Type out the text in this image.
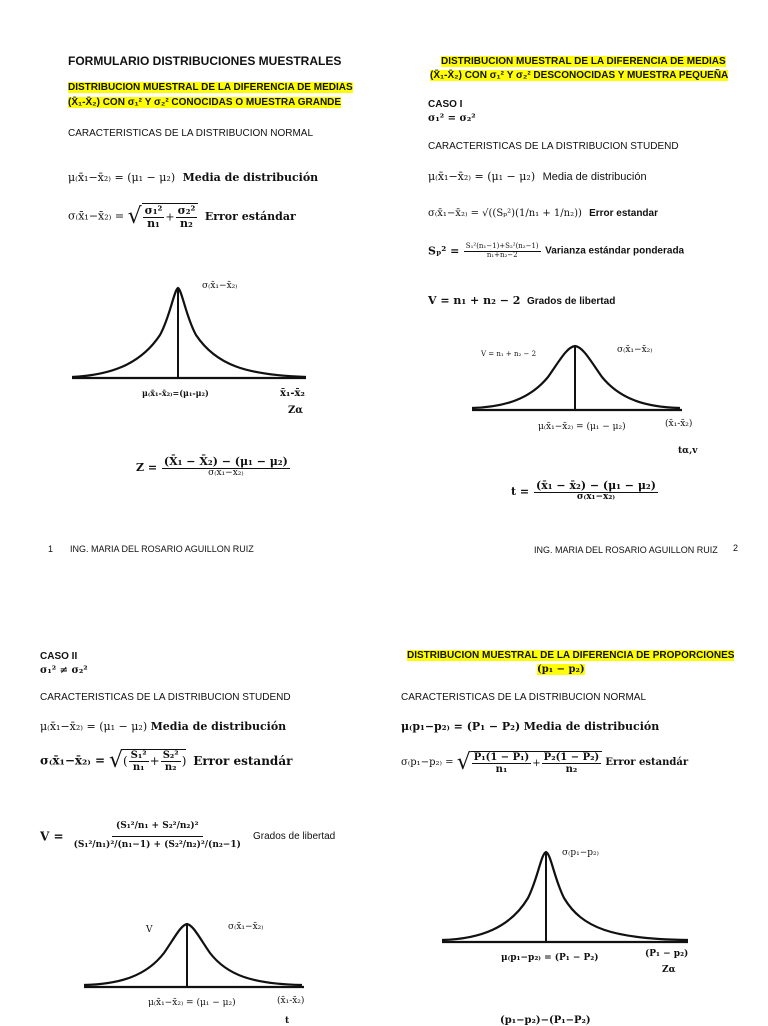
FORMULARIO DISTRIBUCIONES MUESTRALES
DISTRIBUCION MUESTRAL DE LA DIFERENCIA DE MEDIAS
(X̄₁-X̄₂) CON σ₁² Y σ₂² CONOCIDAS O MUESTRA GRANDE
CARACTERISTICAS DE LA DISTRIBUCION NORMAL
μ₍x̄₁−x̄₂₎ = (μ₁ − μ₂) Media de distribución
σ₍x̄₁−x̄₂₎ = √ $\frac{\text{σ₁²}}{\text{n₁}} + \frac{\text{σ₂²}}{\text{n₂}}$ Error estándar
σ₍x̄₁−x̄₂₎
μ₍x̄₁-x̄₂₎=(μ₁-μ₂)	x̄₁-x̄₂
Zα
$Z = \frac{\text{(X̄₁ − X̄₂) − (μ₁ − μ₂)}}{\text{σ₍x̄₁−x̄₂₎}}$
1 ING. MARIA DEL ROSARIO AGUILLON RUIZ
DISTRIBUCION MUESTRAL DE LA DIFERENCIA DE MEDIAS
(X̄₁-X̄₂) CON σ₁² Y σ₂² DESCONOCIDAS Y MUESTRA PEQUEÑA
CASO I
σ₁² = σ₂²
CARACTERISTICAS DE LA DISTRIBUCION STUDEND
μ₍x̄₁−x̄₂₎ = (μ₁ − μ₂) Media de distribución
σ₍x̄₁−x̄₂₎ = √((Sₚ²)(1/n₁ + 1/n₂)) Error estandar
$S_p^2 = \frac{\text{S₁²(n₁−1)+S₂²(n₂−1)}}{\text{n₁+n₂−2}}$ Varianza estándar ponderada
V = n₁ + n₂ − 2 Grados de libertad
V = n₁ + n₂ − 2	σ₍x̄₁−x̄₂₎
μ₍x̄₁−x̄₂₎ = (μ₁ − μ₂)	(x̄₁-x̄₂)
tα,v
$t = \frac{\text{(x̄₁ − x̄₂) − (μ₁ − μ₂)}}{\text{σ₍x̄₁−x̄₂₎}}$
ING. MARIA DEL ROSARIO AGUILLON RUIZ 2
CASO II
σ₁² ≠ σ₂²
CARACTERISTICAS DE LA DISTRIBUCION STUDEND
μ₍x̄₁−x̄₂₎ = (μ₁ − μ₂) Media de distribución
σ₍x̄₁−x̄₂₎ = √( $\frac{\text{S₁²}}{\text{n₁}} + \frac{\text{S₂²}}{\text{n₂}}$ ) Error estandár
$V = \frac{\text{(S₁²/n₁ + S₂²/n₂)²}}{\text{(S₁²/n₁)²/(n₁−1) + (S₂²/n₂)²/(n₂−1)}}$ Grados de libertad
V	σ₍x̄₁−x̄₂₎
μ₍x̄₁−x̄₂₎ = (μ₁ − μ₂)	(x̄₁-x̄₂)
t
DISTRIBUCION MUESTRAL DE LA DIFERENCIA DE PROPORCIONES
(p₁ − p₂)
CARACTERISTICAS DE LA DISTRIBUCION NORMAL
μ₍p₁−p₂₎ = (P₁ − P₂) Media de distribución
σ₍p₁−p₂₎ = √ $\frac{\text{P₁(1 − P₁)}}{\text{n₁}} + \frac{\text{P₂(1 − P₂)}}{\text{n₂}}$ Error estandár
σ₍p₁−p₂₎
μ₍p₁−p₂₎ = (P₁ − P₂)	(P₁ − p₂)
Zα
(p₁−p₂)−(P₁−P₂)
